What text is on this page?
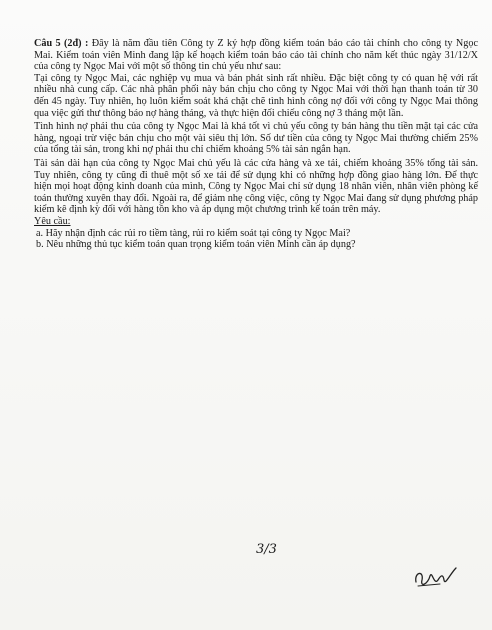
Câu 5 (2đ) : Đây là năm đầu tiên Công ty Z ký hợp đồng kiểm toán báo cáo tài chính cho công ty Ngọc Mai. Kiểm toán viên Minh đang lập kế hoạch kiểm toán báo cáo tài chính cho năm kết thúc ngày 31/12/X của công ty Ngọc Mai với một số thông tin chủ yếu như sau:

Tại công ty Ngọc Mai, các nghiệp vụ mua và bán phát sinh rất nhiều. Đặc biệt công ty có quan hệ với rất nhiều nhà cung cấp. Các nhà phân phối này bán chịu cho công ty Ngọc Mai với thời hạn thanh toán từ 30 đến 45 ngày. Tuy nhiên, họ luôn kiểm soát khá chặt chẽ tình hình công nợ đối với công ty Ngọc Mai thông qua việc gửi thư thông báo nợ hàng tháng, và thực hiện đối chiếu công nợ 3 tháng một lần.

Tình hình nợ phải thu của công ty Ngọc Mai là khá tốt vì chủ yếu công ty bán hàng thu tiền mặt tại các cửa hàng, ngoại trừ việc bán chịu cho một vài siêu thị lớn. Số dư tiền của công ty Ngọc Mai thường chiếm 25% của tổng tài sản, trong khi nợ phải thu chỉ chiếm khoảng 5% tài sản ngắn hạn.

Tài sản dài hạn của công ty Ngọc Mai chủ yếu là các cửa hàng và xe tải, chiếm khoảng 35% tổng tài sản. Tuy nhiên, công ty cũng đi thuê một số xe tải để sử dụng khi có những hợp đồng giao hàng lớn. Để thực hiện mọi hoạt động kinh doanh của mình, Công ty Ngọc Mai chỉ sử dụng 18 nhân viên, nhân viên phòng kế toán thường xuyên thay đổi. Ngoài ra, để giảm nhẹ công việc, công ty Ngọc Mai đang sử dụng phương pháp kiểm kê định kỳ đối với hàng tồn kho và áp dụng một chương trình kế toán trên máy.

Yêu cầu:

a. Hãy nhận định các rủi ro tiềm tàng, rủi ro kiểm soát tại công ty Ngọc Mai?

b. Nêu những thủ tục kiểm toán quan trọng kiểm toán viên Minh cần áp dụng?

3/3
